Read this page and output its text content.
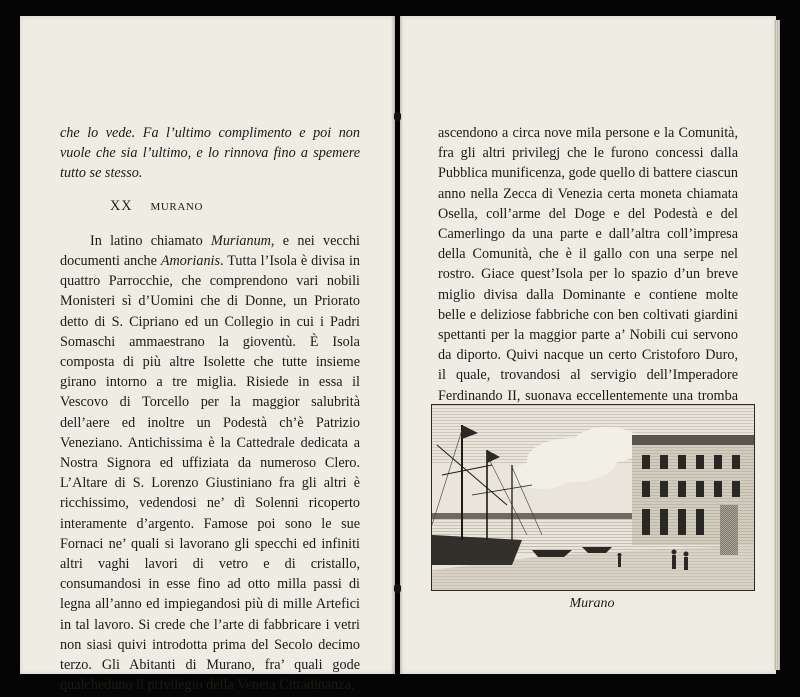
che lo vede. Fa l’ultimo complimento e poi non vuole che sia l’ultimo, e lo rinnova fino a spemere tutto se stesso.

XX MURANO

In latino chiamato Murianum, e nei vecchi documenti anche Amorianis. Tutta l’Isola è divisa in quattro Parrocchie, che comprendono vari nobili Monisteri sì d’Uomini che di Donne, un Priorato detto di S. Cipriano ed un Collegio in cui i Padri Somaschi ammaestrano la gioventù. È Isola composta di più altre Isolette che tutte insieme girano intorno a tre miglia. Risiede in essa il Vescovo di Torcello per la maggior salubrità dell’aere ed inoltre un Podestà ch’è Patrizio Veneziano. Antichissima è la Cattedrale dedicata a Nostra Signora ed uffiziata da numeroso Clero. L’Altare di S. Lorenzo Giustiniano fra gli altri è ricchissimo, vedendosi ne’ dì Solenni ricoperto interamente d’argento. Famose poi sono le sue Fornaci ne’ quali si lavorano gli specchi ed infiniti altri vaghi lavori di vetro e di cristallo, consumandosi in esse fino ad otto milla passi di legna all’anno ed impiegandosi più di mille Artefici in tal lavoro. Si crede che l’arte di fabbricare i vetri non siasi quivi introdotta prima del Secolo decimo terzo. Gli Abitanti di Murano, fra’ quali gode qualcheduno il privilegio della Veneta Cittadinanza,

ascendono a circa nove mila persone e la Comunità, fra gli altri privilegj che le furono concessi dalla Pubblica munificenza, gode quello di battere ciascun anno nella Zecca di Venezia certa moneta chiamata Osella, coll’arme del Doge e del Podestà e del Camerlingo da una parte e dall’altra coll’impresa della Comunità, che è il gallo con una serpe nel rostro. Giace quest’Isola per lo spazio d’un breve miglio divisa dalla Dominante e contiene molte belle e deliziose fabbriche con ben coltivati giardini spettanti per la maggior parte a’ Nobili cui servono da diporto. Quivi nacque un certo Cristoforo Duro, il quale, trovandosi al servigio dell’Imperadore Ferdinando II, suonava eccellentemente una tromba

Murano
